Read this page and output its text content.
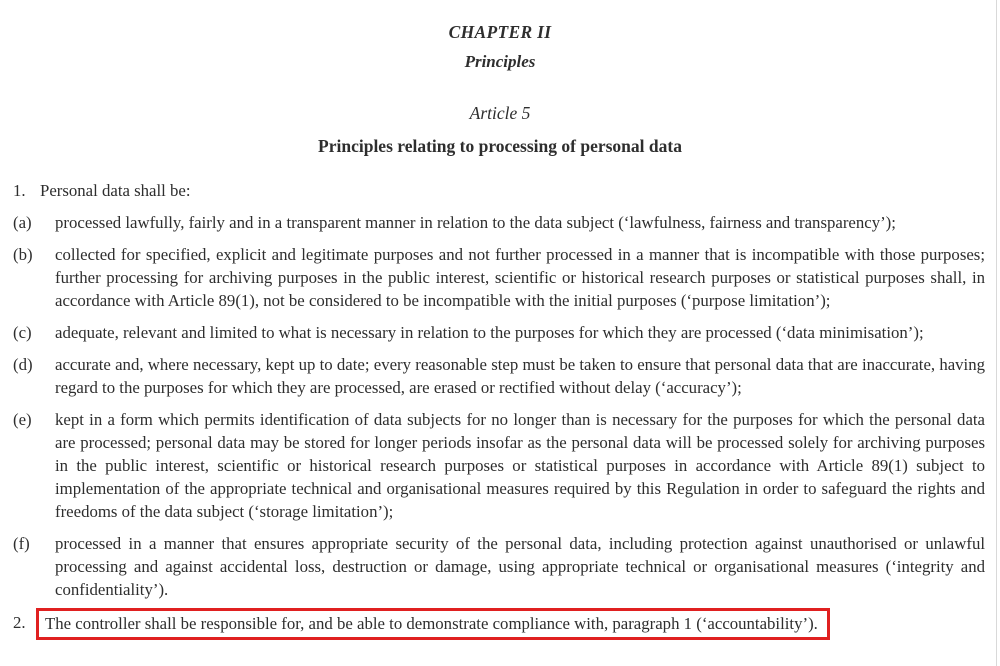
CHAPTER II
Principles
Article 5
Principles relating to processing of personal data
1. Personal data shall be:
(a)	processed lawfully, fairly and in a transparent manner in relation to the data subject (‘lawfulness, fairness and transparency’);
(b)	collected for specified, explicit and legitimate purposes and not further processed in a manner that is incompatible with those purposes; further processing for archiving purposes in the public interest, scientific or historical research purposes or statistical purposes shall, in accordance with Article 89(1), not be considered to be incompatible with the initial purposes (‘purpose limitation’);
(c)	adequate, relevant and limited to what is necessary in relation to the purposes for which they are processed (‘data minimisation’);
(d)	accurate and, where necessary, kept up to date; every reasonable step must be taken to ensure that personal data that are inaccurate, having regard to the purposes for which they are processed, are erased or rectified without delay (‘accuracy’);
(e)	kept in a form which permits identification of data subjects for no longer than is necessary for the purposes for which the personal data are processed; personal data may be stored for longer periods insofar as the personal data will be processed solely for archiving purposes in the public interest, scientific or historical research purposes or statistical purposes in accordance with Article 89(1) subject to implementation of the appropriate technical and organisational measures required by this Regulation in order to safeguard the rights and freedoms of the data subject (‘storage limitation’);
(f)	processed in a manner that ensures appropriate security of the personal data, including protection against unauthorised or unlawful processing and against accidental loss, destruction or damage, using appropriate technical or organisational measures (‘integrity and confidentiality’).
2.	The controller shall be responsible for, and be able to demonstrate compliance with, paragraph 1 (‘accountability’).
